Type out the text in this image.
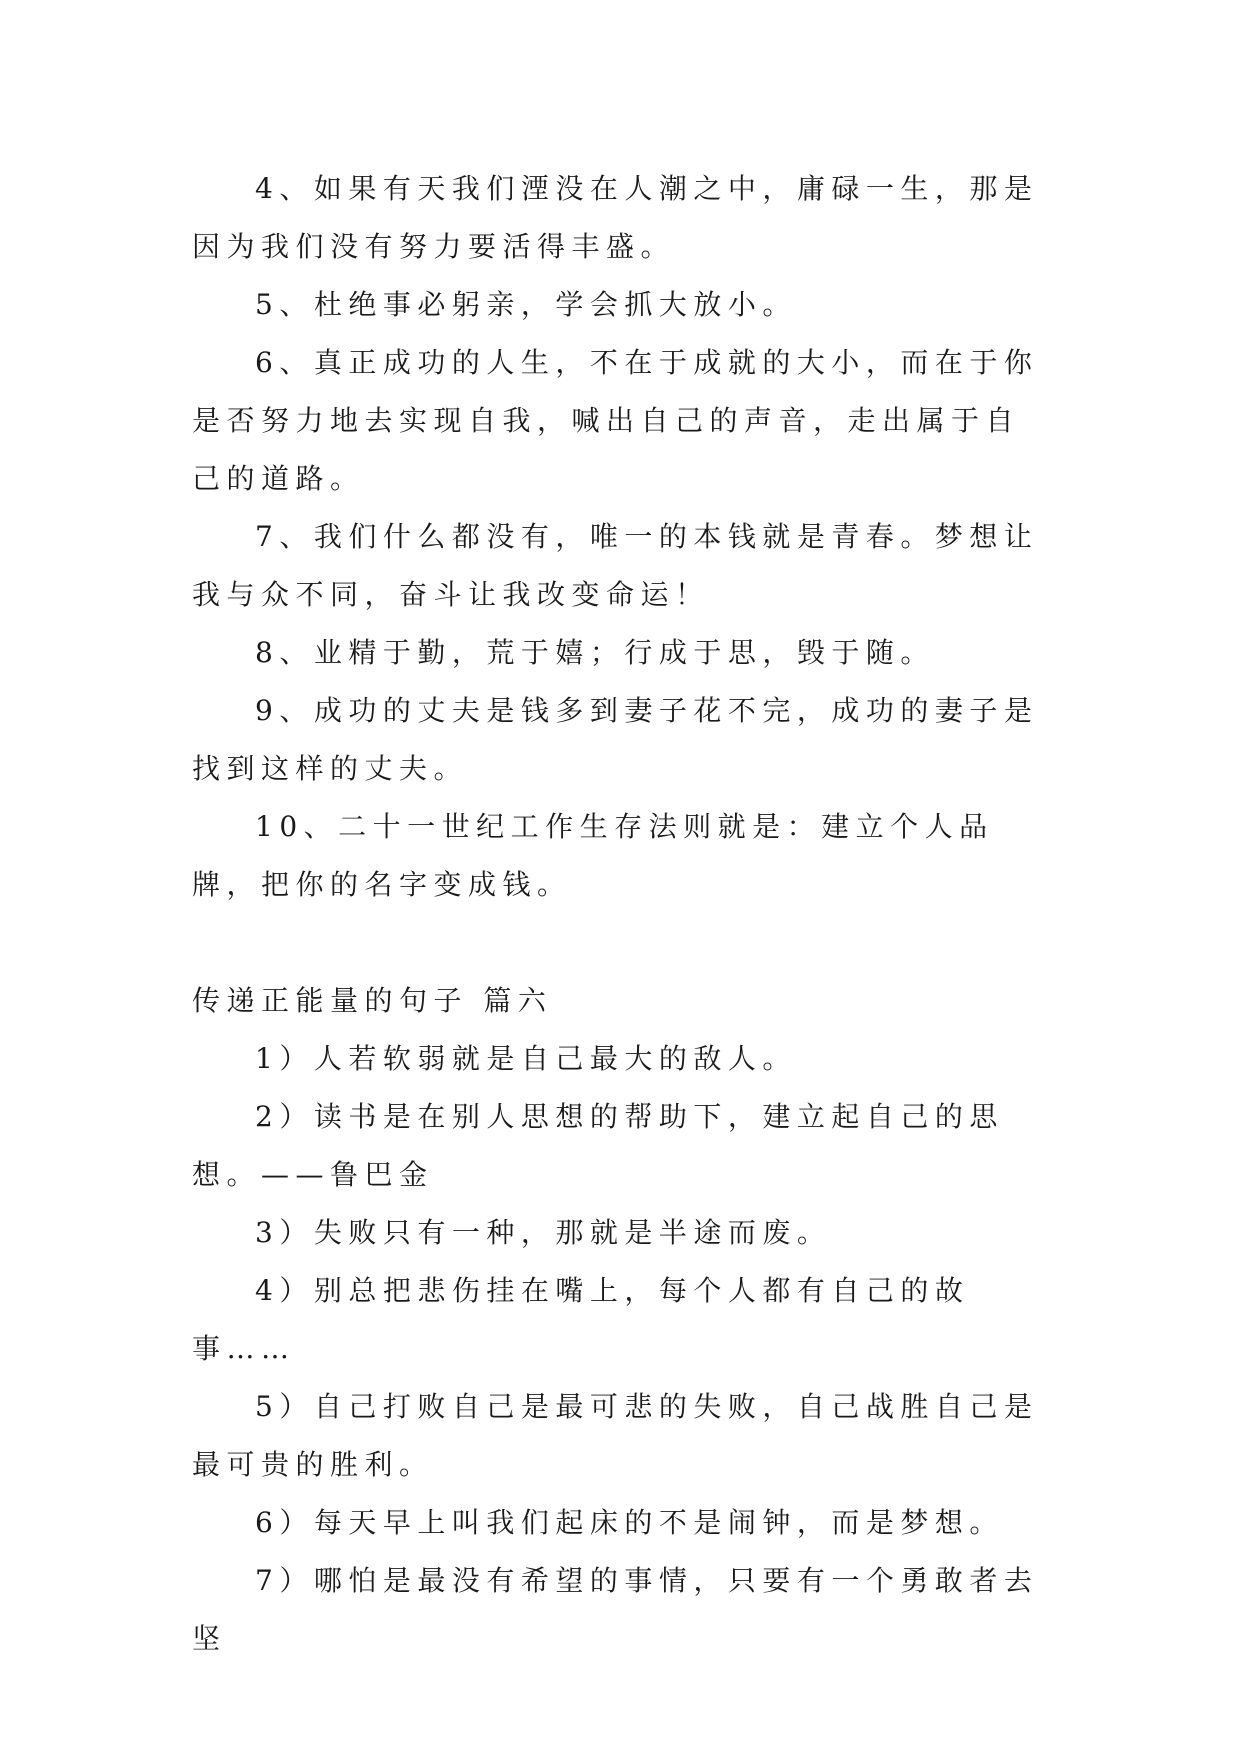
4、如果有天我们湮没在人潮之中，庸碌一生，那是因为我们没有努力要活得丰盛。

5、杜绝事必躬亲，学会抓大放小。

6、真正成功的人生，不在于成就的大小，而在于你是否努力地去实现自我，喊出自己的声音，走出属于自己的道路。

7、我们什么都没有，唯一的本钱就是青春。梦想让我与众不同，奋斗让我改变命运！

8、业精于勤，荒于嬉；行成于思，毁于随。

9、成功的丈夫是钱多到妻子花不完，成功的妻子是找到这样的丈夫。

10、二十一世纪工作生存法则就是：建立个人品牌，把你的名字变成钱。

传递正能量的句子 篇六

1）人若软弱就是自己最大的敌人。

2）读书是在别人思想的帮助下，建立起自己的思想。——鲁巴金

3）失败只有一种，那就是半途而废。

4）别总把悲伤挂在嘴上，每个人都有自己的故事……

5）自己打败自己是最可悲的失败，自己战胜自己是最可贵的胜利。

6）每天早上叫我们起床的不是闹钟，而是梦想。

7）哪怕是最没有希望的事情，只要有一个勇敢者去坚
